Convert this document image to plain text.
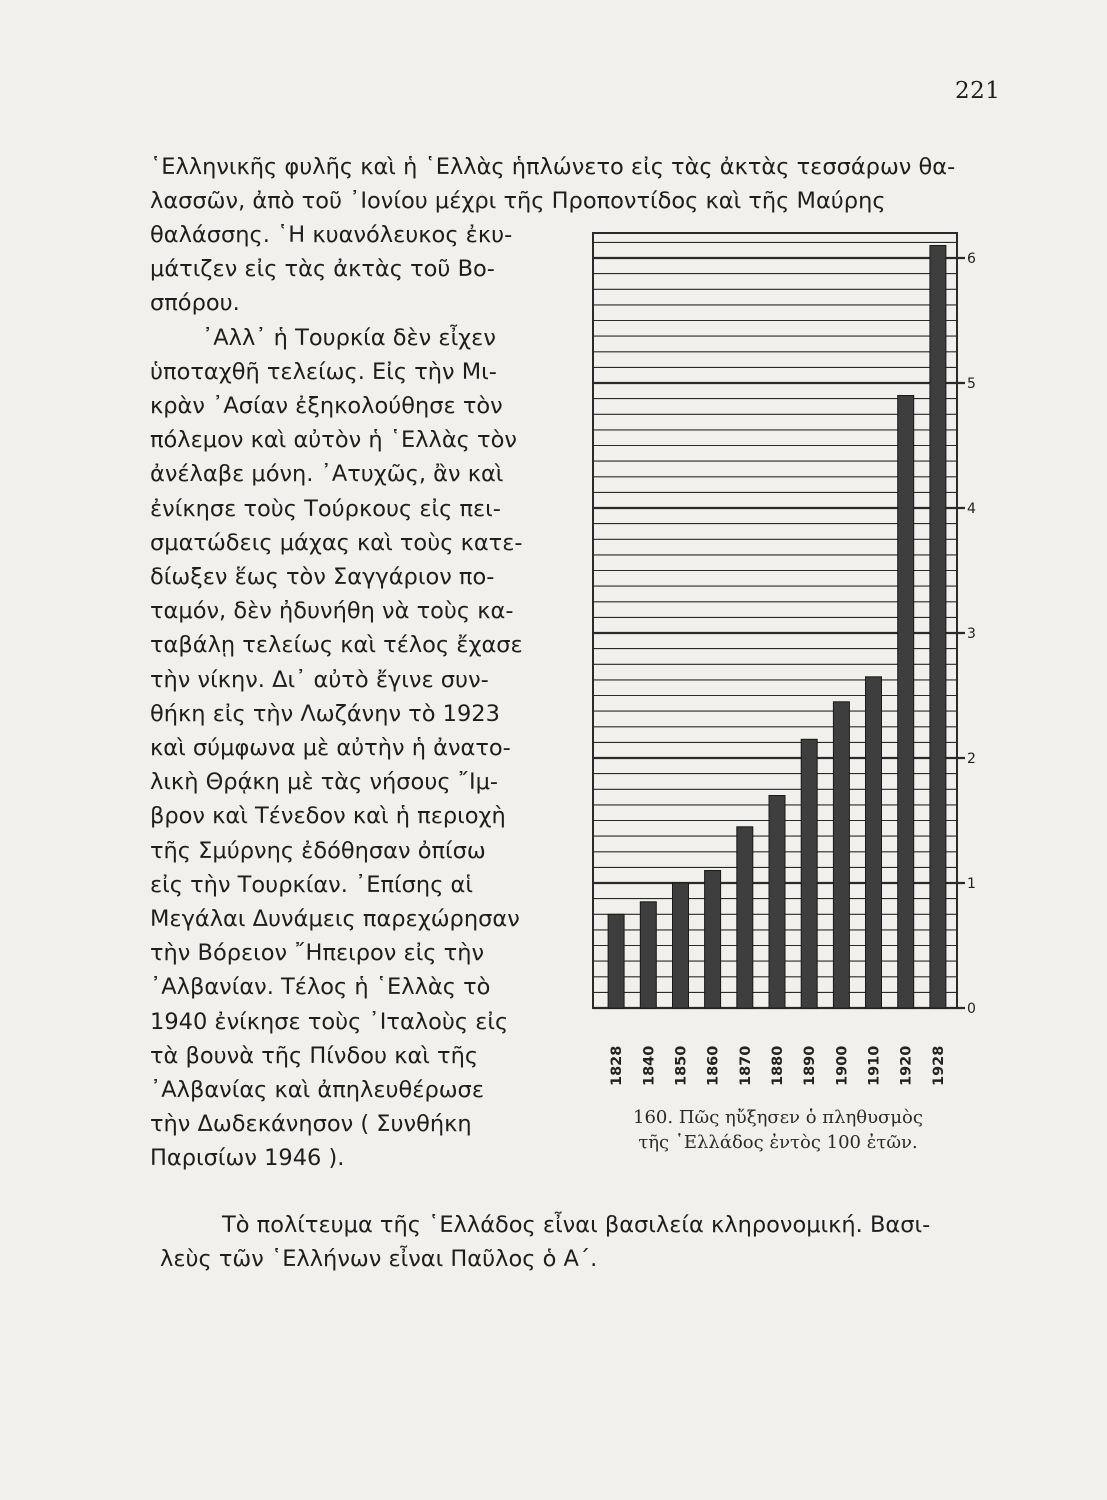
221

῾Ελληνικῆς φυλῆς καὶ ἡ ῾Ελλὰς ἡπλώνετο εἰς τὰς ἀκτὰς τεσσάρων θα-
λασσῶν, ἀπὸ τοῦ ᾿Ιονίου μέχρι τῆς Προποντίδος καὶ τῆς Μαύρης

θαλάσσης. ῾Η κυανόλευκος ἐκυ-
μάτιζεν εἰς τὰς ἀκτὰς τοῦ Βο-
σπόρου.
᾿Αλλ᾿ ἡ Τουρκία δὲν εἶχεν
ὑποταχθῆ τελείως. Εἰς τὴν Μι-
κρὰν ᾿Ασίαν ἐξηκολούθησε τὸν
πόλεμον καὶ αὐτὸν ἡ ῾Ελλὰς τὸν
ἀνέλαβε μόνη. ᾿Ατυχῶς, ἂν καὶ
ἐνίκησε τοὺς Τούρκους εἰς πει-
σματώδεις μάχας καὶ τοὺς κατε-
δίωξεν ἕως τὸν Σαγγάριον πο-
ταμόν, δὲν ἠδυνήθη νὰ τοὺς κα-
ταβάλῃ τελείως καὶ τέλος ἔχασε
τὴν νίκην. Δι᾿ αὐτὸ ἔγινε συν-
θήκη εἰς τὴν Λωζάνην τὸ 1923
καὶ σύμφωνα μὲ αὐτὴν ἡ ἀνατο-
λικὴ Θρᾴκη μὲ τὰς νήσους ῎Ιμ-
βρον καὶ Τένεδον καὶ ἡ περιοχὴ
τῆς Σμύρνης ἐδόθησαν ὀπίσω
εἰς τὴν Τουρκίαν. ᾿Επίσης αἱ
Μεγάλαι Δυνάμεις παρεχώρησαν
τὴν Βόρειον ῎Ηπειρον εἰς τὴν
᾿Αλβανίαν. Τέλος ἡ ῾Ελλὰς τὸ
1940 ἐνίκησε τοὺς ᾿Ιταλοὺς εἰς
τὰ βουνὰ τῆς Πίνδου καὶ τῆς
᾿Αλβανίας καὶ ἀπηλευθέρωσε
τὴν Δωδεκάνησον ( Συνθήκη
Παρισίων 1946 ).

0
1
2
3
4
5
6
1828 1840 1850 1860 1870 1880 1890 1900 1910 1920 1928
160. Πῶς ηὔξησεν ὁ πληθυσμὸς
τῆς ῾Ελλάδος ἐντὸς 100 ἐτῶν.

Τὸ πολίτευμα τῆς ῾Ελλάδος εἶναι βασιλεία κληρονομική. Βασι-
λεὺς τῶν ῾Ελλήνων εἶναι Παῦλος ὁ Α΄.
